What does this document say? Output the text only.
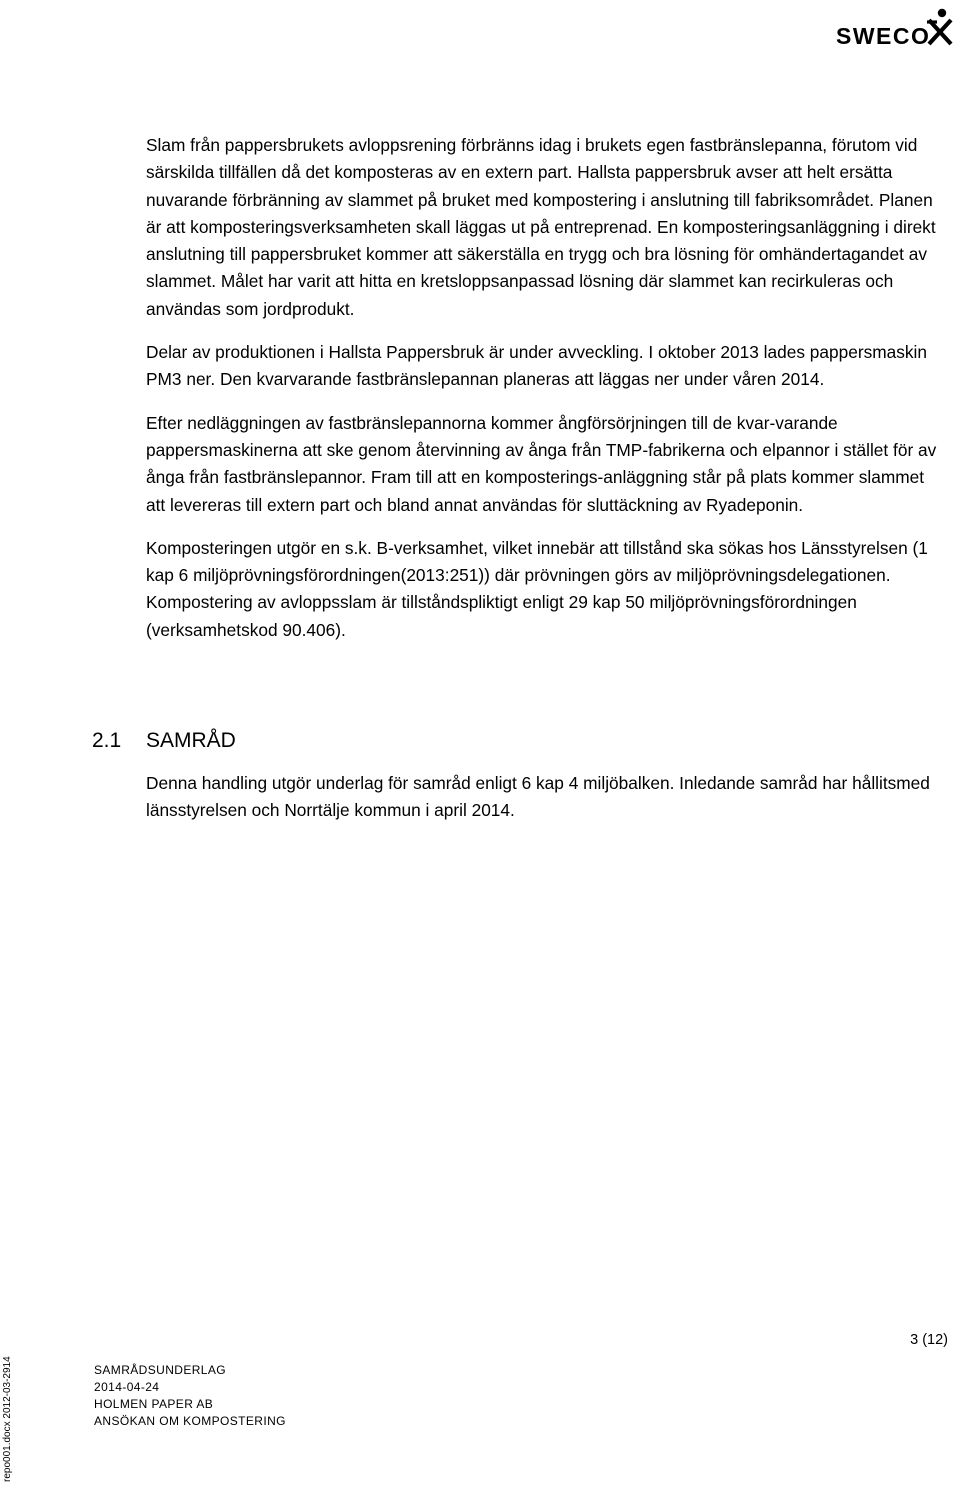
SWECO

Slam från pappersbrukets avloppsrening förbränns idag i brukets egen fastbränslepanna, förutom vid särskilda tillfällen då det komposteras av en extern part. Hallsta pappersbruk avser att helt ersätta nuvarande förbränning av slammet på bruket med kompostering i anslutning till fabriksområdet. Planen är att komposteringsverksamheten skall läggas ut på entreprenad. En komposteringsanläggning i direkt anslutning till pappersbruket kommer att säkerställa en trygg och bra lösning för omhändertagandet av slammet. Målet har varit att hitta en kretsloppsanpassad lösning där slammet kan recirkuleras och användas som jordprodukt.

Delar av produktionen i Hallsta Pappersbruk är under avveckling. I oktober 2013 lades pappersmaskin PM3 ner. Den kvarvarande fastbränslepannan planeras att läggas ner under våren 2014.

Efter nedläggningen av fastbränslepannorna kommer ångförsörjningen till de kvar-varande pappersmaskinerna att ske genom återvinning av ånga från TMP-fabrikerna och elpannor i stället för av ånga från fastbränslepannor. Fram till att en komposterings-anläggning står på plats kommer slammet att levereras till extern part och bland annat användas för sluttäckning av Ryadeponin.

Komposteringen utgör en s.k. B-verksamhet, vilket innebär att tillstånd ska sökas hos Länsstyrelsen (1 kap 6 miljöprövningsförordningen(2013:251)) där prövningen görs av miljöprövningsdelegationen. Kompostering av avloppsslam är tillståndspliktigt enligt 29 kap 50 miljöprövningsförordningen (verksamhetskod 90.406).

2.1 SAMRÅD

Denna handling utgör underlag för samråd enligt 6 kap 4 miljöbalken. Inledande samråd har hållitsmed länsstyrelsen och Norrtälje kommun i april 2014.

3 (12)
SAMRÅDSUNDERLAG
2014-04-24
HOLMEN PAPER AB
ANSÖKAN OM KOMPOSTERING
repo001.docx 2012-03-2914
